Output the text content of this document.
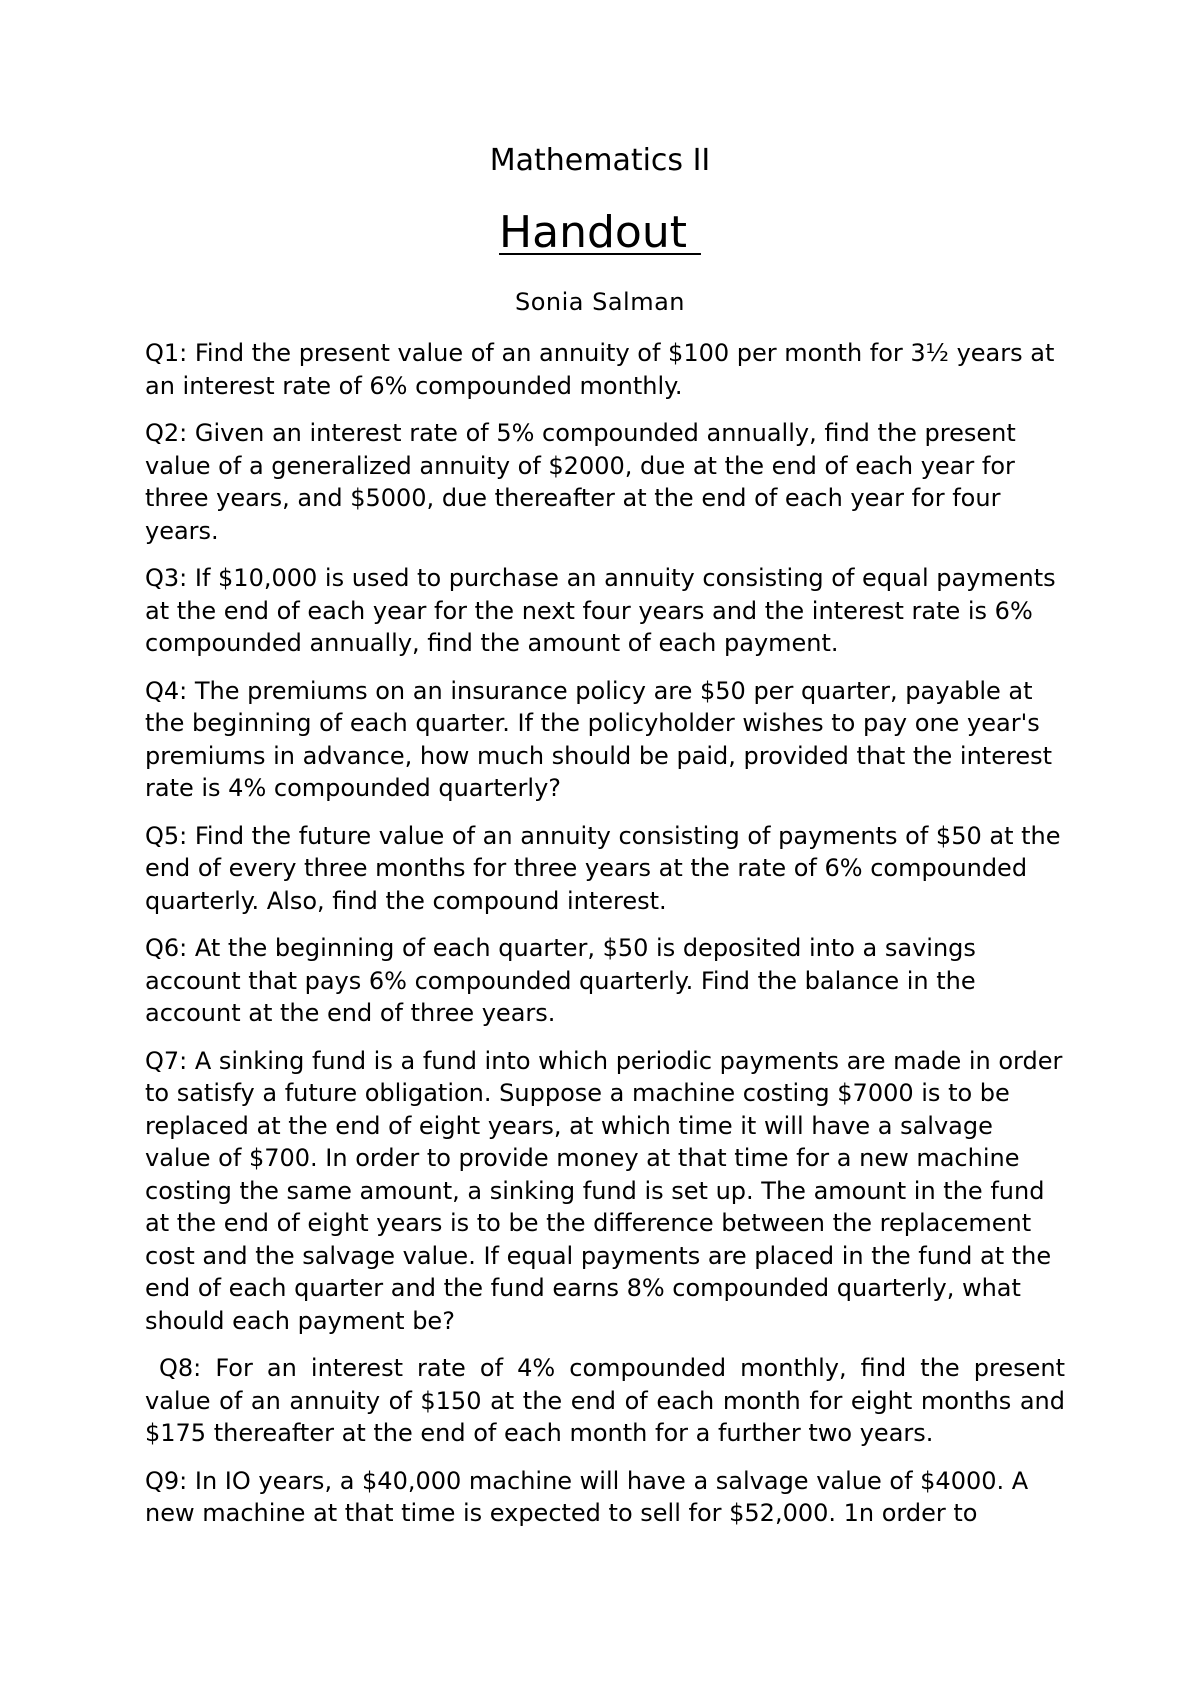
Mathematics II
Handout
Sonia Salman

Q1: Find the present value of an annuity of $100 per month for 3½ years at an interest rate of 6% compounded monthly.

Q2: Given an interest rate of 5% compounded annually, find the present value of a generalized annuity of $2000, due at the end of each year for three years, and $5000, due thereafter at the end of each year for four years.

Q3: If $10,000 is used to purchase an annuity consisting of equal payments at the end of each year for the next four years and the interest rate is 6% compounded annually, find the amount of each payment.

Q4: The premiums on an insurance policy are $50 per quarter, payable at the beginning of each quarter. If the policyholder wishes to pay one year's premiums in advance, how much should be paid, provided that the interest rate is 4% compounded quarterly?

Q5: Find the future value of an annuity consisting of payments of $50 at the end of every three months for three years at the rate of 6% compounded quarterly. Also, find the compound interest.

Q6: At the beginning of each quarter, $50 is deposited into a savings account that pays 6% compounded quarterly. Find the balance in the account at the end of three years.

Q7: A sinking fund is a fund into which periodic payments are made in order to satisfy a future obligation. Suppose a machine costing $7000 is to be replaced at the end of eight years, at which time it will have a salvage value of $700. In order to provide money at that time for a new machine costing the same amount, a sinking fund is set up. The amount in the fund at the end of eight years is to be the difference between the replacement cost and the salvage value. If equal payments are placed in the fund at the end of each quarter and the fund earns 8% compounded quarterly, what should each payment be?

Q8: For an interest rate of 4% compounded monthly, find the present value of an annuity of $150 at the end of each month for eight months and $175 thereafter at the end of each month for a further two years.

Q9: In IO years, a $40,000 machine will have a salvage value of $4000. A new machine at that time is expected to sell for $52,000. 1n order to
